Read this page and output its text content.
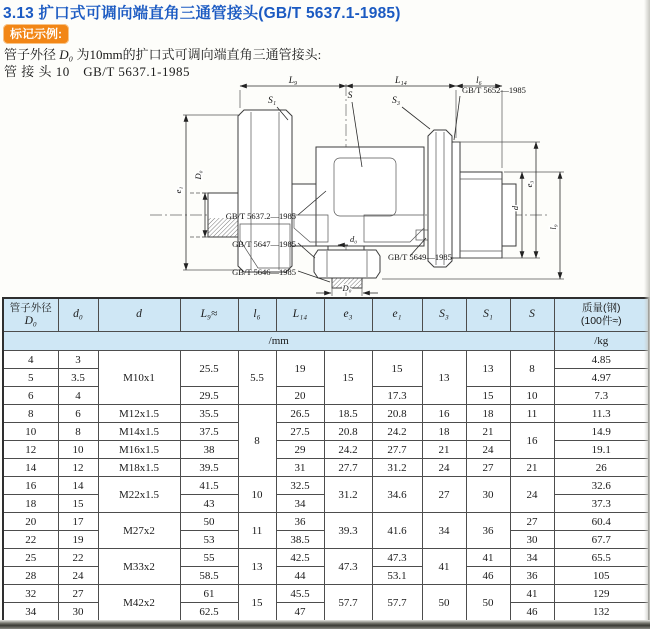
3.13 扩口式可调向端直角三通管接头(GB/T 5637.1-1985)
标记示例:
管子外径 D₀ 为10mm的扩口式可调向端直角三通管接头:
管 接 头 10　GB/T 5637.1-1985
L₉	L₁₄	l₆
S₁	S	S₃
GB/T 5652—1985
e₁
D₀
d
e₃
l₉
d₀
GB/T 5649—1985
GB/T 5637.2—1985
GB/T 5647—1985
GB/T 5646—1985
D₀
管子外径
D₀

d₀	d	L₉≈	l₆	L₁₄	e₃	e₁	S₃	S₁	S

质量(钢)
(100件≈)

/mm											/kg
4	3	M10x1	25.5	5.5	19	15	15	13	13	8	4.85
5	3.5										4.97
6	4		29.5		20		17.3		15	10	7.3
8	6	M12x1.5	35.5	8	26.5	18.5	20.8	16	18	11	11.3
10	8	M14x1.5	37.5		27.5	20.8	24.2	18	21	16	14.9
12	10	M16x1.5	38		29	24.2	27.7	21	24		19.1
14	12	M18x1.5	39.5		31	27.7	31.2	24	27	21	26
16	14	M22x1.5	41.5	10	32.5	31.2	34.6	27	30	24	32.6
18	15		43		34						37.3
20	17	M27x2	50	11	36	39.3	41.6	34	36	27	60.4
22	19		53		38.5					30	67.7
25	22	M33x2	55	13	42.5	47.3	47.3	41	41	34	65.5
28	24		58.5		44		53.1		46	36	105
32	27	M42x2	61	15	45.5	57.7	57.7	50	50	41	129
34	30		62.5		47					46	132
